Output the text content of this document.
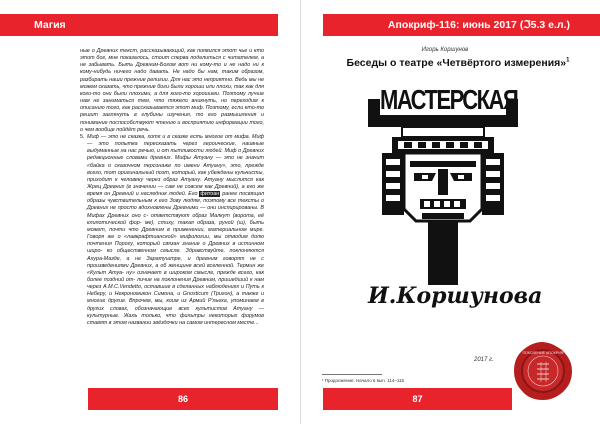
Магия

ные о Древних текст, рассказывающий, как появился этот чье и кто этот бог, мне показалось, стоит сперва поделиться с читателем, а не забывать. Быть Древним-Богом вот ни кому-то и не надо ни к кому-нибудь ничего надо давать. Не надо бы нам, таким образом, разбирать наши прежние религии. Для нас это неприятно. Ведь мы не можем сказать, что прежние боги были хороши или плохи, так как для кого-то они были плохими, а для кого-то хорошими. Поэтому лучше нам не заниматься тем, что тяжело вникнуть, но переходим к описанию того, как рассказывается этот миф. Поэтому, если кто-то решит заглянуть в глубины изучения, то его размышления и понимание поспособствуют чтению и восприятию информации того, о чем вообще пойдёт речь.

5. Миф — это не сказка, хотя и в сказке есть многое от мифа. Миф — это попытка пересказать через героические, наивные выдуманные на нас речью, и от пытливости людей. Миф о Древних редакционные словами древних. Мифы Атуану — это не значит «байка о сказочном персонаже по имени Атуану», это, прежде всего, тот оригинальный поэт, который, как убеждены кульчисты, приходит к человеку через образ Атуану. Атуану мыслится как Жрец Древних (в значении — сам не совсем как Древний), а его же время он Древний и наследник людей. Его фитоан ранее посвящал образы чувствительным к его Зову людям, поэтому все тексты о Древних не просто вдохновлены Древними — они инспирированы. В Мифах Древних оно с- ответствуют образ Малкут (ворота, её клипотической фор- ме), стиху, такая образа, руной (ш), быть может, почти что Древним в применении, материальном мире. Говоря же о «лавкрафтианской» мифологии, мы отводим долю почтения Порогу, который связан знание о Древних в истинном широ- ко общественном смысле. Здравствуйте, поклоняются Ахура-Мазде, а не Заратуштре, и древним говорят не с произведениями Древних, а об женщине всей вселенной. Термин же «Культ Атуа- ну» означает в широком смысле, прежде всего, как более поздний от- личие на поклонения Древним, пришедший к нам через А.М.С.Vendetto, оставшие в сделанных наблюдениях и Путь к Неберу, и Некрономикон Симона, и Gnosticum (Тригон), а также и многие другие. Впрочем, мы, коим из Армий Р'льеха, упоминаем в других словах, обозначающие всех культистов Атуану — культурные. Жаль только, что фильтры некоторых форумов ставят в этом названии звёздочки на самом интересном месте...
86
Апокриф-116: июнь 2017 (ℑ5.3 е.л.)
87
Игорь Коршунов
Беседы о театре «Четвёртого измерения»$^1$
МАСТЕРСКАЯ
И.Коршунова
2017 г.
¹ Продолжение. Начало в вып. 114–115
ПОКОЛЕНИЕ АПОКРИФ
